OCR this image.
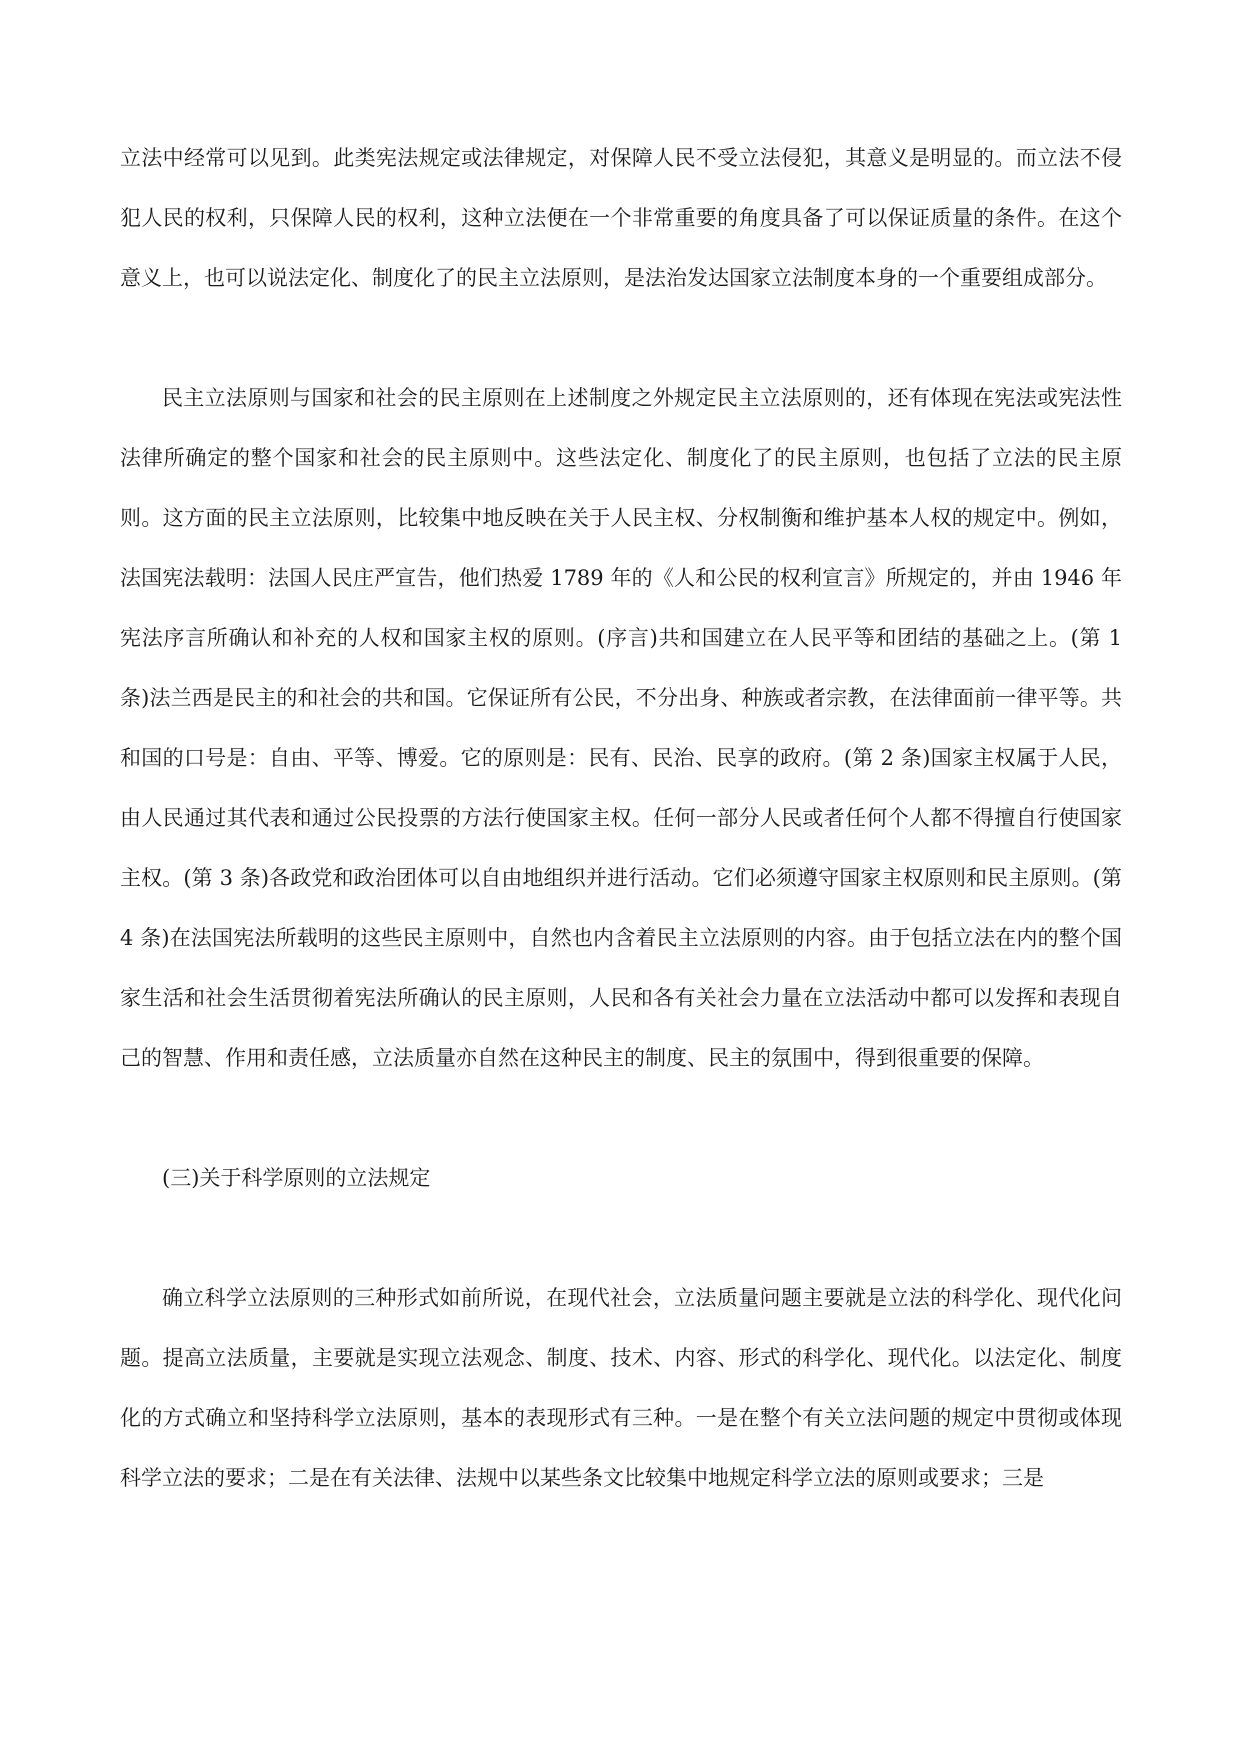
立法中经常可以见到。此类宪法规定或法律规定，对保障人民不受立法侵犯，其意义是明显的。而立法不侵犯人民的权利，只保障人民的权利，这种立法便在一个非常重要的角度具备了可以保证质量的条件。在这个意义上，也可以说法定化、制度化了的民主立法原则，是法治发达国家立法制度本身的一个重要组成部分。

民主立法原则与国家和社会的民主原则在上述制度之外规定民主立法原则的，还有体现在宪法或宪法性法律所确定的整个国家和社会的民主原则中。这些法定化、制度化了的民主原则，也包括了立法的民主原则。这方面的民主立法原则，比较集中地反映在关于人民主权、分权制衡和维护基本人权的规定中。例如，法国宪法载明：法国人民庄严宣告，他们热爱 1789 年的《人和公民的权利宣言》所规定的，并由 1946 年宪法序言所确认和补充的人权和国家主权的原则。(序言)共和国建立在人民平等和团结的基础之上。(第 1 条)法兰西是民主的和社会的共和国。它保证所有公民，不分出身、种族或者宗教，在法律面前一律平等。共和国的口号是：自由、平等、博爱。它的原则是：民有、民治、民享的政府。(第 2 条)国家主权属于人民，由人民通过其代表和通过公民投票的方法行使国家主权。任何一部分人民或者任何个人都不得擅自行使国家主权。(第 3 条)各政党和政治团体可以自由地组织并进行活动。它们必须遵守国家主权原则和民主原则。(第 4 条)在法国宪法所载明的这些民主原则中，自然也内含着民主立法原则的内容。由于包括立法在内的整个国家生活和社会生活贯彻着宪法所确认的民主原则，人民和各有关社会力量在立法活动中都可以发挥和表现自己的智慧、作用和责任感，立法质量亦自然在这种民主的制度、民主的氛围中，得到很重要的保障。

(三)关于科学原则的立法规定

确立科学立法原则的三种形式如前所说，在现代社会，立法质量问题主要就是立法的科学化、现代化问题。提高立法质量，主要就是实现立法观念、制度、技术、内容、形式的科学化、现代化。以法定化、制度化的方式确立和坚持科学立法原则，基本的表现形式有三种。一是在整个有关立法问题的规定中贯彻或体现科学立法的要求；二是在有关法律、法规中以某些条文比较集中地规定科学立法的原则或要求；三是
